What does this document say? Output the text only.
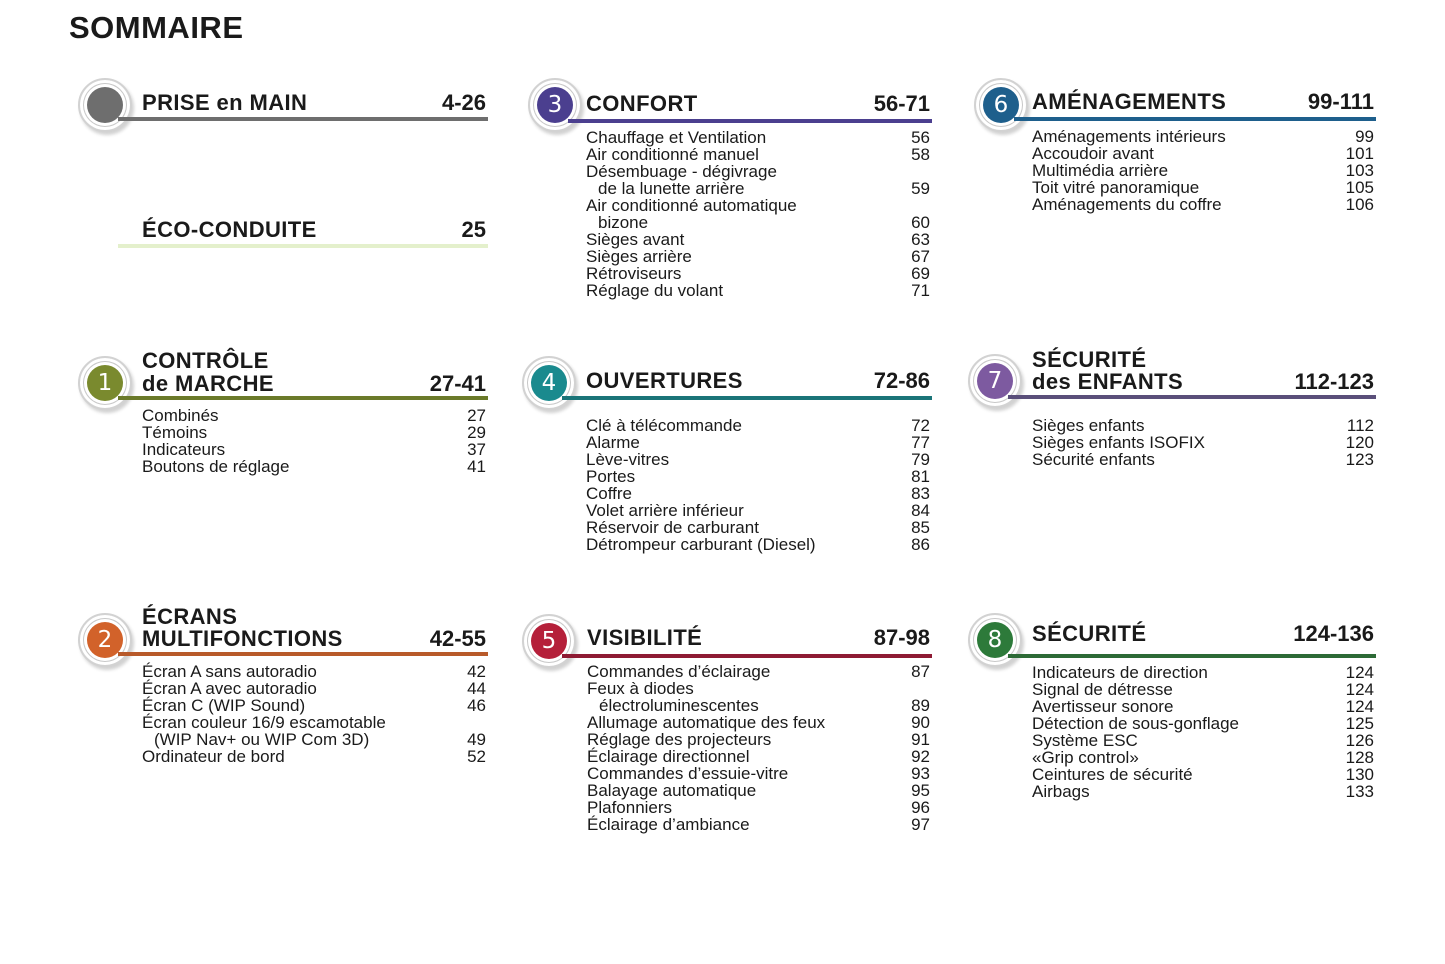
SOMMAIRE
PRISE en MAIN	4-26
ÉCO-CONDUITE	25
1
CONTRÔLE
de MARCHE	27-41
Combinés	27
Témoins	29
Indicateurs	37
Boutons de réglage	41
2
ÉCRANS
MULTIFONCTIONS	42-55
Écran A sans autoradio	42
Écran A avec autoradio	44
Écran C (WIP Sound)	46
Écran couleur 16/9 escamotable
(WIP Nav+ ou WIP Com 3D)	49
Ordinateur de bord	52
3	CONFORT	56-71
Chauffage et Ventilation	56
Air conditionné manuel	58
Désembuage - dégivrage
de la lunette arrière	59
Air conditionné automatique
bizone	60
Sièges avant	63
Sièges arrière	67
Rétroviseurs	69
Réglage du volant	71
4	OUVERTURES	72-86
Clé à télécommande	72
Alarme	77
Lève-vitres	79
Portes	81
Coffre	83
Volet arrière inférieur	84
Réservoir de carburant	85
Détrompeur carburant (Diesel)	86
5	VISIBILITÉ	87-98
Commandes d’éclairage	87
Feux à diodes
électroluminescentes	89
Allumage automatique des feux	90
Réglage des projecteurs	91
Éclairage directionnel	92
Commandes d’essuie-vitre	93
Balayage automatique	95
Plafonniers	96
Éclairage d’ambiance	97
6	AMÉNAGEMENTS	99-111
Aménagements intérieurs	99
Accoudoir avant	101
Multimédia arrière	103
Toit vitré panoramique	105
Aménagements du coffre	106
7
SÉCURITÉ
des ENFANTS	112-123
Sièges enfants	112
Sièges enfants ISOFIX	120
Sécurité enfants	123
8	SÉCURITÉ	124-136
Indicateurs de direction	124
Signal de détresse	124
Avertisseur sonore	124
Détection de sous-gonflage	125
Système ESC	126
«Grip control»	128
Ceintures de sécurité	130
Airbags	133
